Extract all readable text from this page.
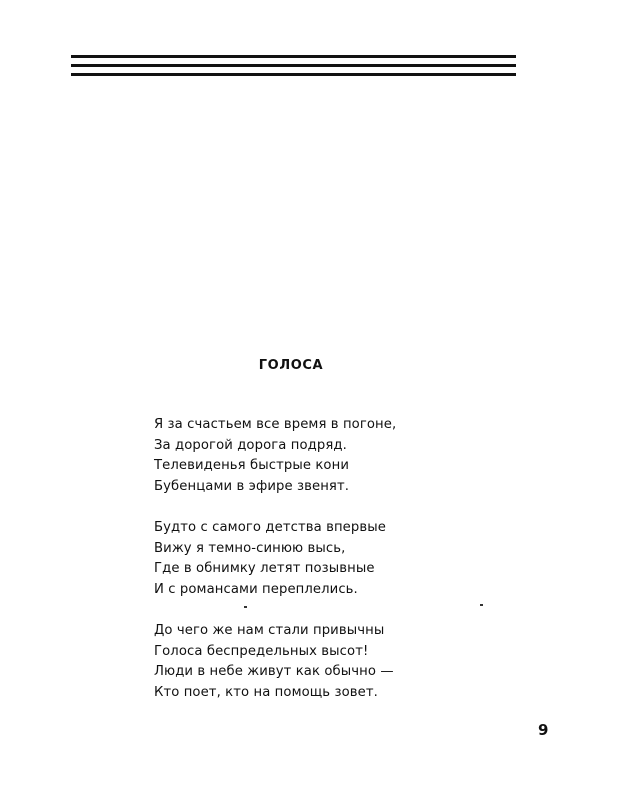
ГОЛОСА
Я за счастьем все время в погоне,
За дорогой дорога подряд.
Телевиденья быстрые кони
Бубенцами в эфире звенят.
Будто с самого детства впервые
Вижу я темно-синюю высь,
Где в обнимку летят позывные
И с романсами переплелись.
До чего же нам стали привычны
Голоса беспредельных высот!
Люди в небе живут как обычно —
Кто поет, кто на помощь зовет.
9
